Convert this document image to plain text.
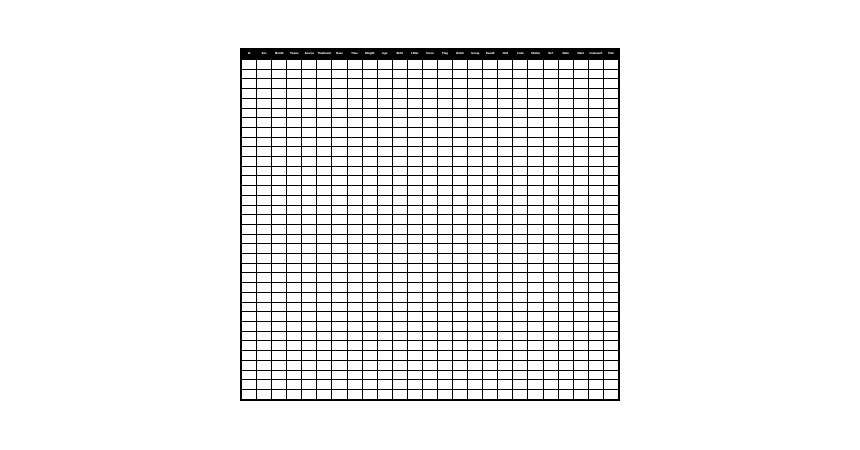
Id	Sex	Month	Tissue	Source	Treatment	Dose	Time	Weight	Age	Birth	Litter	Score	Flag	Batch	Group	Result	Unit	Code	Status	Ref	Note	Mark	Comment	Plot
